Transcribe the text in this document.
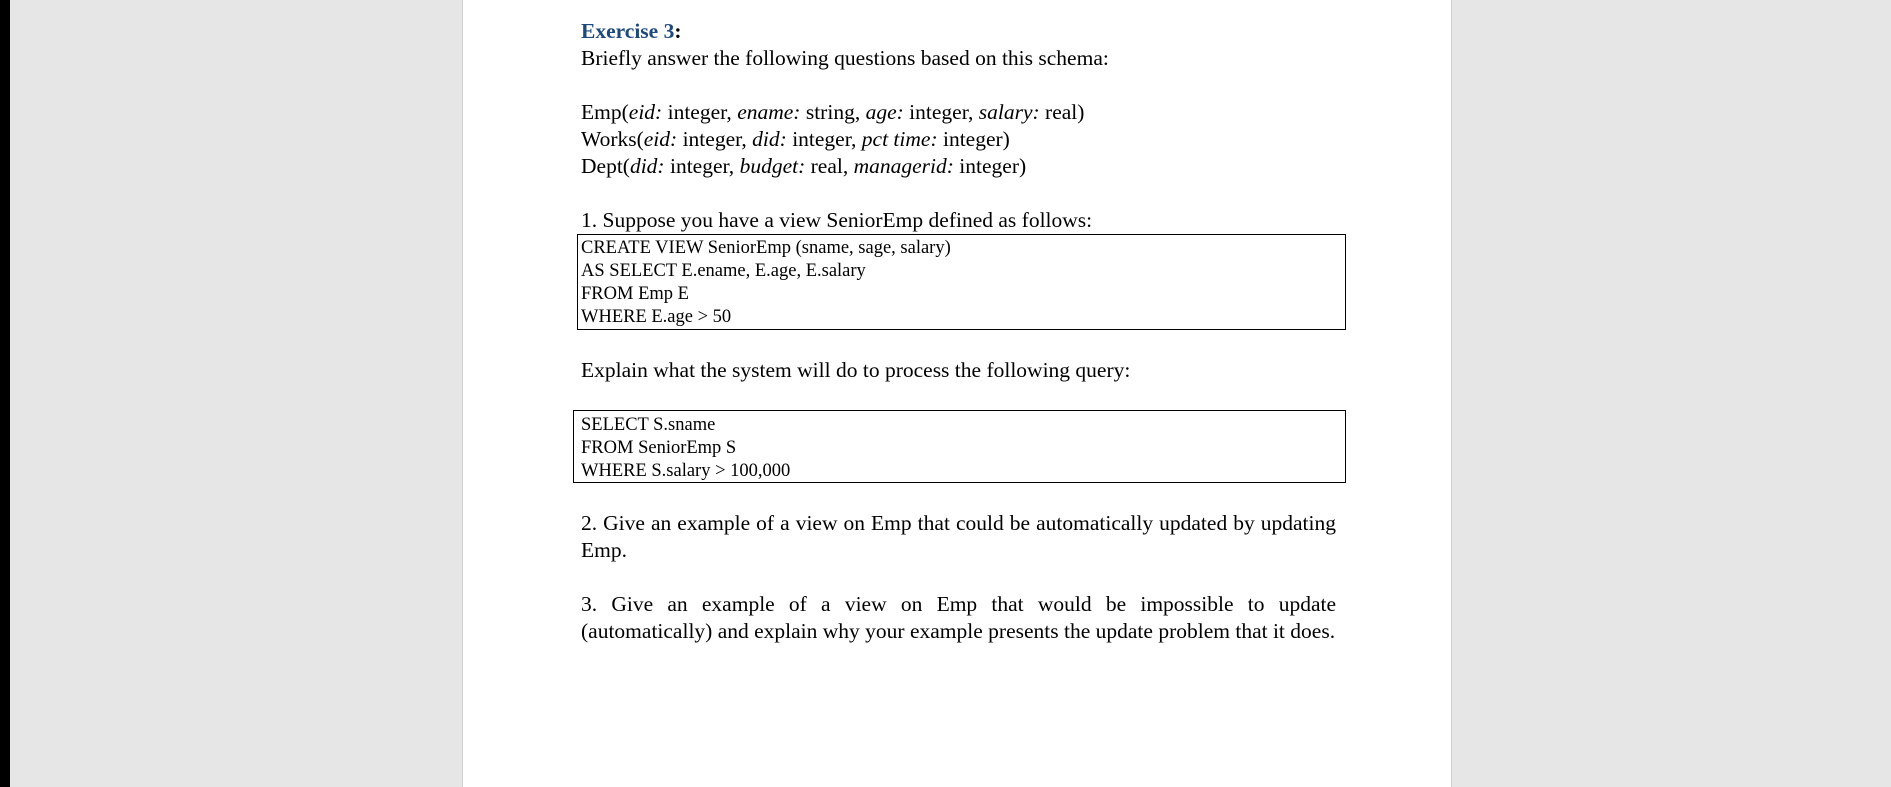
Exercise 3:
Briefly answer the following questions based on this schema:
Emp(eid: integer, ename: string, age: integer, salary: real)
Works(eid: integer, did: integer, pct time: integer)
Dept(did: integer, budget: real, managerid: integer)
1. Suppose you have a view SeniorEmp defined as follows:
CREATE VIEW SeniorEmp (sname, sage, salary)
AS SELECT E.ename, E.age, E.salary
FROM Emp E
WHERE E.age > 50
Explain what the system will do to process the following query:
SELECT S.sname
FROM SeniorEmp S
WHERE S.salary > 100,000
2. Give an example of a view on Emp that could be automatically updated by updating Emp.
3. Give an example of a view on Emp that would be impossible to update (automatically) and explain why your example presents the update problem that it does.
